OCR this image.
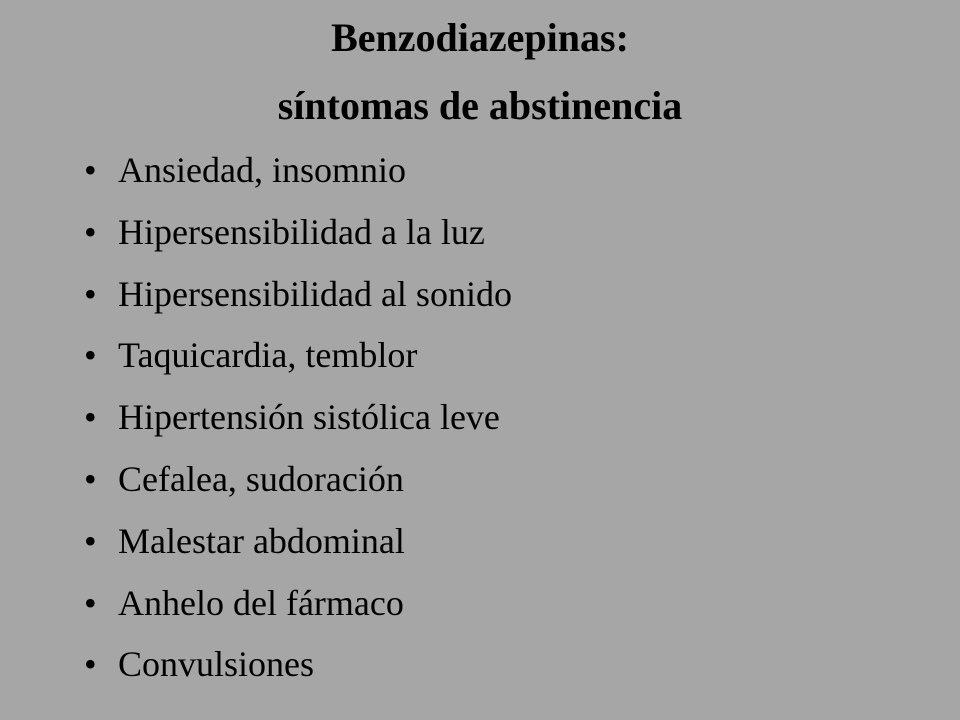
Benzodiazepinas:
síntomas de abstinencia
• Ansiedad, insomnio
• Hipersensibilidad a la luz
• Hipersensibilidad al sonido
• Taquicardia, temblor
• Hipertensión sistólica leve
• Cefalea, sudoración
• Malestar abdominal
• Anhelo del fármaco
• Convulsiones
